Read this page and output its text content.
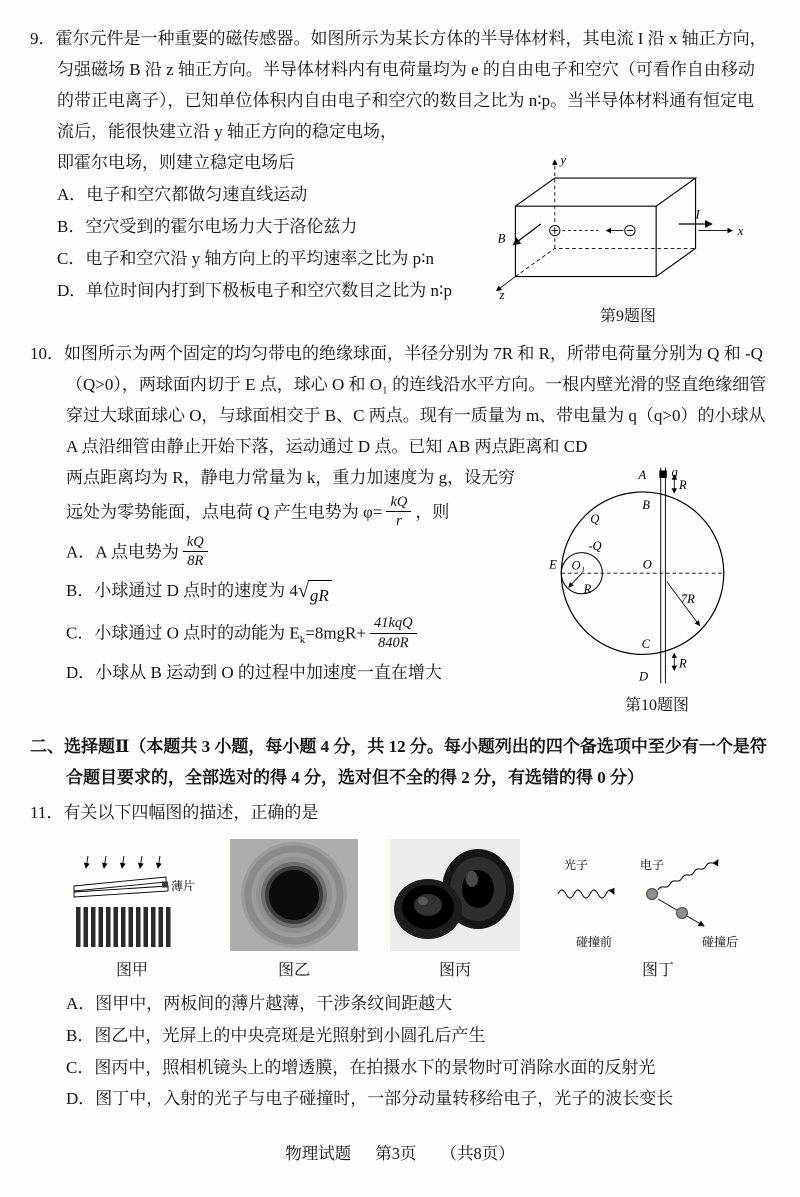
9．霍尔元件是一种重要的磁传感器。如图所示为某长方体的半导体材料，其电流 I 沿 x 轴正方向，匀强磁场 B 沿 z 轴正方向。半导体材料内有电荷量均为 e 的自由电子和空穴（可看作自由移动的带正电离子），已知单位体积内自由电子和空穴的数目之比为 n∶p。当半导体材料通有恒定电流后，能很快建立沿 y 轴正方向的稳定电场，

即霍尔电场，则建立稳定电场后

A．电子和空穴都做匀速直线运动
B．空穴受到的霍尔电场力大于洛伦兹力
C．电子和空穴沿 y 轴方向上的平均速率之比为 p∶n
D．单位时间内打到下极板电子和空穴数目之比为 n∶p
y
I
x
z
B
第9题图

10．如图所示为两个固定的均匀带电的绝缘球面，半径分别为 7R 和 R，所带电荷量分别为 Q 和 -Q（Q>0），两球面内切于 E 点，球心 O 和 O₁ 的连线沿水平方向。一根内壁光滑的竖直绝缘细管穿过大球面球心 O，与球面相交于 B、C 两点。现有一质量为 m、带电量为 q（q>0）的小球从 A 点沿细管由静止开始下落，运动通过 D 点。已知 AB 两点距离和 CD

两点距离均为 R，静电力常量为 k，重力加速度为 g，设无穷

远处为零势能面，点电荷 Q 产生电势为 $\varphi= \frac{kQ}{r}$ ，则

A．A 点电势为 $\frac{kQ}{8R}$
B．小球通过 D 点时的速度为 4 √ gR
C．小球通过 O 点时的动能为 $E_k=8mgR+ \frac{\text{41kqQ}}{840R}$
D．小球从 B 运动到 O 的过程中加速度一直在增大
A q
R
B
Q
-Q
E O₁
R
O
7R
C
R
D
第10题图

二、选择题Ⅱ（本题共 3 小题，每小题 4 分，共 12 分。每小题列出的四个备选项中至少有一个是符合题目要求的，全部选对的得 4 分，选对但不全的得 2 分，有选错的得 0 分）

11．有关以下四幅图的描述，正确的是

薄片
图甲	图乙	图丙
光子	电子
碰撞前	碰撞后
图丁
A．图甲中，两板间的薄片越薄，干涉条纹间距越大
B．图乙中，光屏上的中央亮斑是光照射到小圆孔后产生
C．图丙中，照相机镜头上的增透膜，在拍摄水下的景物时可消除水面的反射光
D．图丁中，入射的光子与电子碰撞时，一部分动量转移给电子，光子的波长变长
物理试题 第3页 （共8页）
